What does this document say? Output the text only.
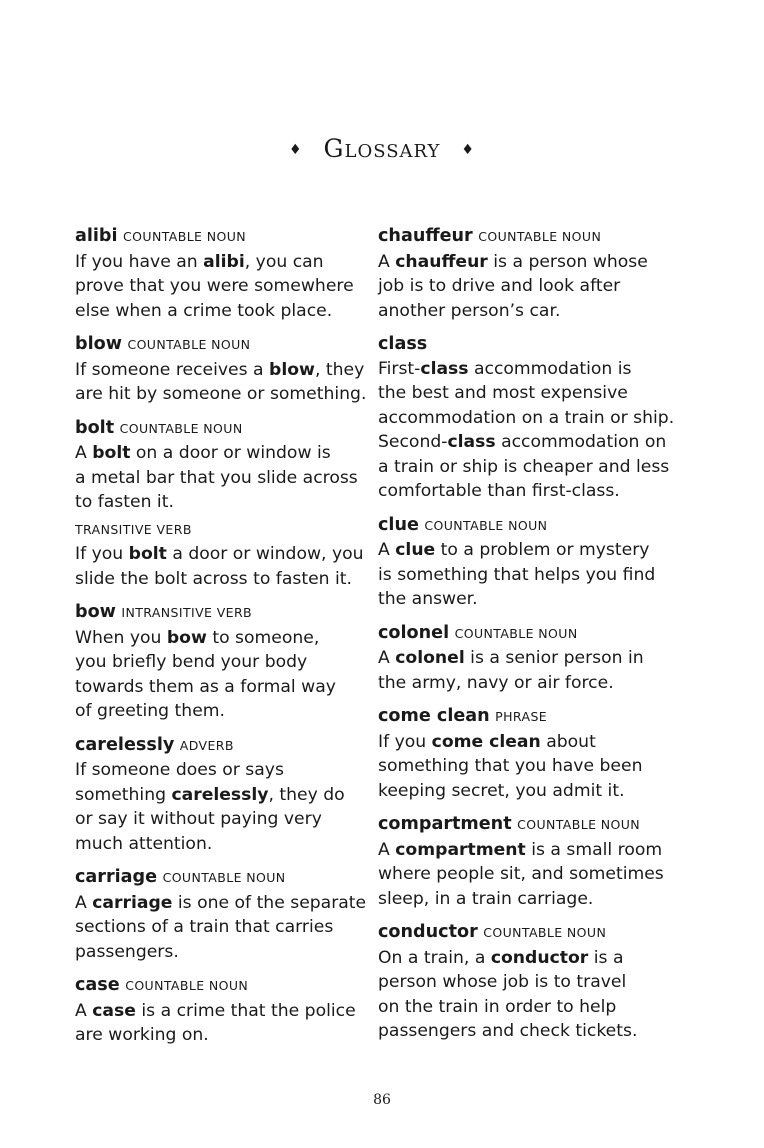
♦ Glossary ♦
alibi COUNTABLE NOUN
If you have an alibi, you can
prove that you were somewhere
else when a crime took place.
blow COUNTABLE NOUN
If someone receives a blow, they
are hit by someone or something.
bolt COUNTABLE NOUN
A bolt on a door or window is
a metal bar that you slide across
to fasten it.
TRANSITIVE VERB
If you bolt a door or window, you
slide the bolt across to fasten it.
bow INTRANSITIVE VERB
When you bow to someone,
you briefly bend your body
towards them as a formal way
of greeting them.
carelessly ADVERB
If someone does or says
something carelessly, they do
or say it without paying very
much attention.
carriage COUNTABLE NOUN
A carriage is one of the separate
sections of a train that carries
passengers.
case COUNTABLE NOUN
A case is a crime that the police
are working on.
chauffeur COUNTABLE NOUN
A chauffeur is a person whose
job is to drive and look after
another person’s car.
class
First-class accommodation is
the best and most expensive
accommodation on a train or ship.
Second-class accommodation on
a train or ship is cheaper and less
comfortable than first-class.
clue COUNTABLE NOUN
A clue to a problem or mystery
is something that helps you find
the answer.
colonel COUNTABLE NOUN
A colonel is a senior person in
the army, navy or air force.
come clean PHRASE
If you come clean about
something that you have been
keeping secret, you admit it.
compartment COUNTABLE NOUN
A compartment is a small room
where people sit, and sometimes
sleep, in a train carriage.
conductor COUNTABLE NOUN
On a train, a conductor is a
person whose job is to travel
on the train in order to help
passengers and check tickets.
86
